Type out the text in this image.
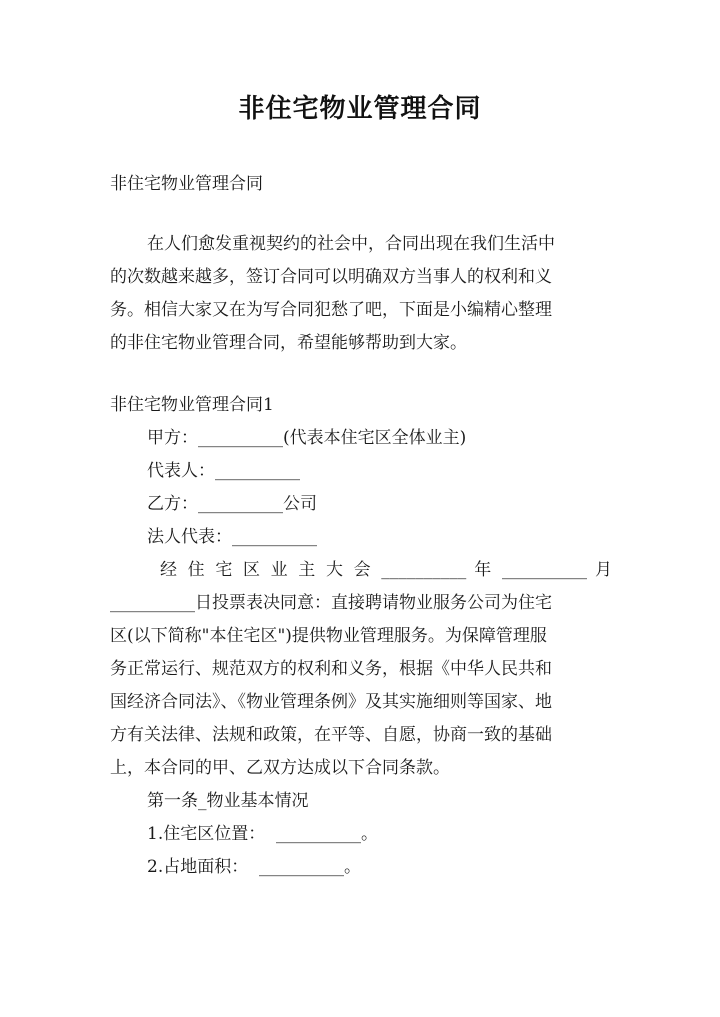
非住宅物业管理合同

非住宅物业管理合同

在人们愈发重视契约的社会中，合同出现在我们生活中

的次数越来越多，签订合同可以明确双方当事人的权利和义

务。相信大家又在为写合同犯愁了吧，下面是小编精心整理

的非住宅物业管理合同，希望能够帮助到大家。

非住宅物业管理合同1

甲方：__________(代表本住宅区全体业主)

代表人：__________

乙方：__________公司

法人代表：__________

经 住 宅 区 业 主 大 会 __________ 年 __________ 月

__________日投票表决同意：直接聘请物业服务公司为住宅

区(以下简称"本住宅区")提供物业管理服务。为保障管理服

务正常运行、规范双方的权利和义务，根据《中华人民共和

国经济合同法》、《物业管理条例》及其实施细则等国家、地

方有关法律、法规和政策，在平等、自愿，协商一致的基础

上，本合同的甲、乙双方达成以下合同条款。

第一条_物业基本情况

1.住宅区位置：  __________。

2.占地面积：  __________。
